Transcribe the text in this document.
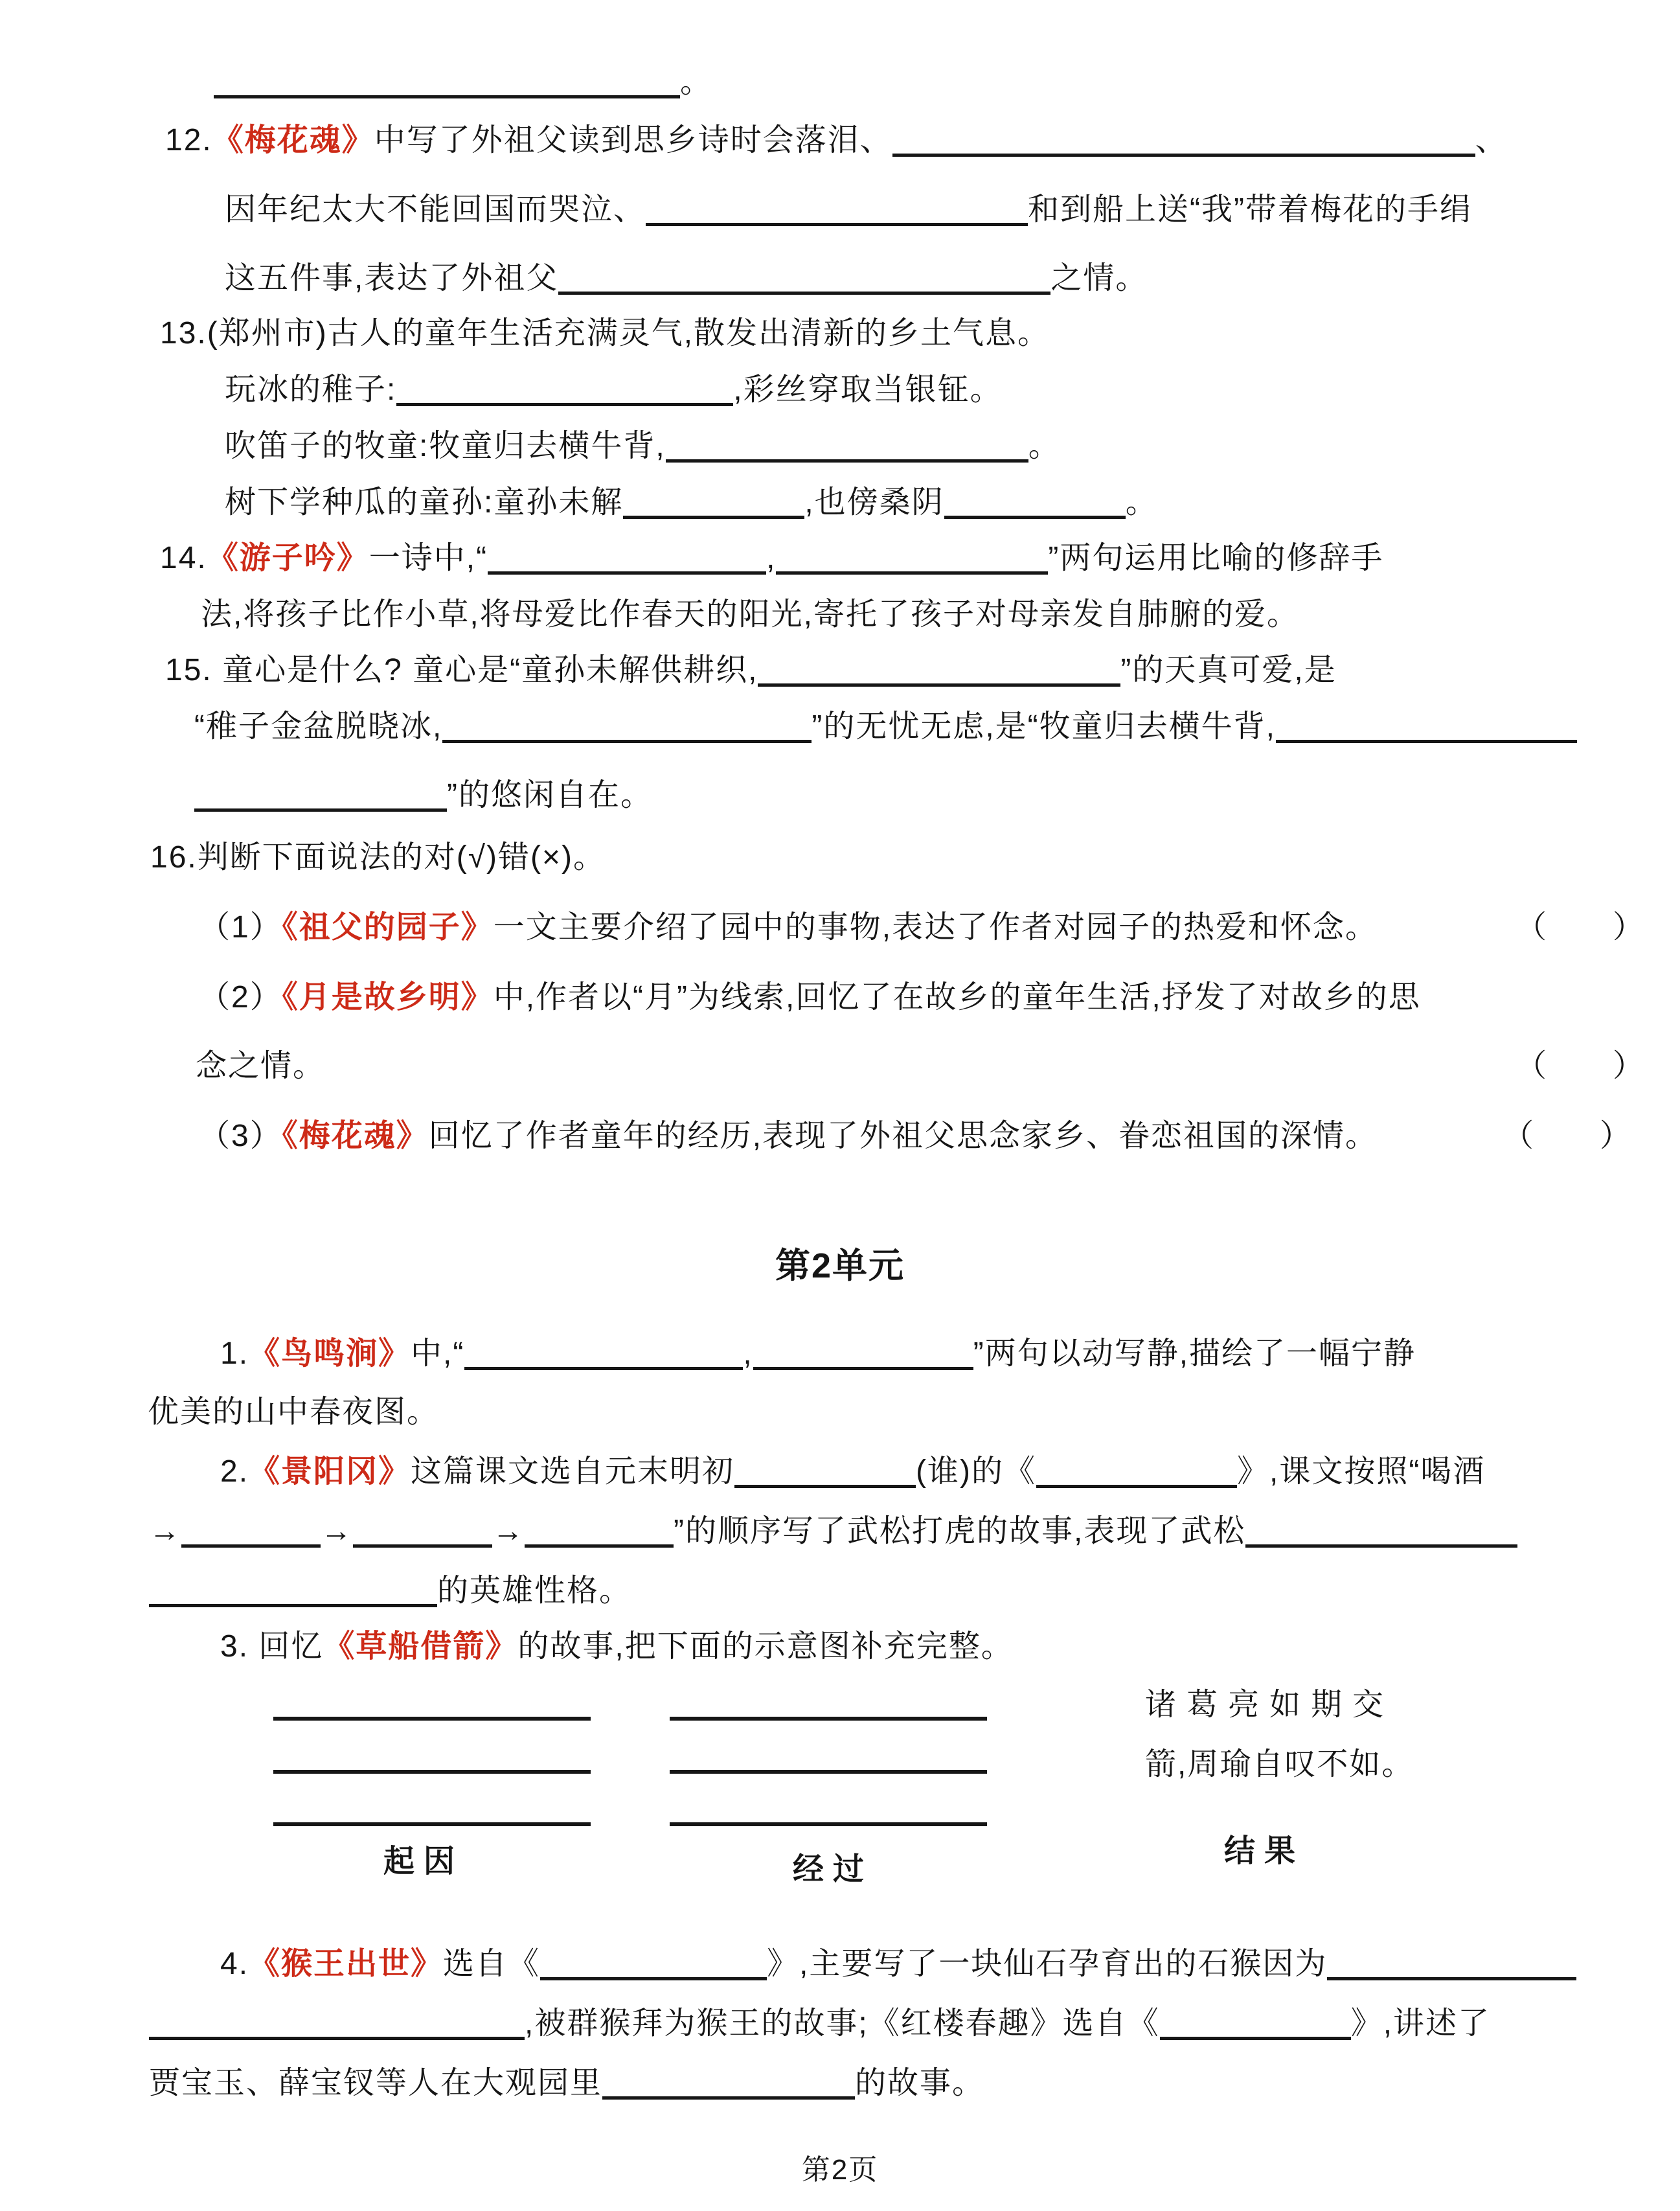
。
12.《梅花魂》中写了外祖父读到思乡诗时会落泪、	、
因年纪太大不能回国而哭泣、	和到船上送“我”带着梅花的手绢
这五件事,表达了外祖父	之情。
13.(郑州市)古人的童年生活充满灵气,散发出清新的乡土气息。
玩冰的稚子:	,彩丝穿取当银钲。
吹笛子的牧童:牧童归去横牛背,	。
树下学种瓜的童孙:童孙未解	,也傍桑阴	。
14.《游子吟》一诗中,“	,	”两句运用比喻的修辞手
法,将孩子比作小草,将母爱比作春天的阳光,寄托了孩子对母亲发自肺腑的爱。
15. 童心是什么? 童心是“童孙未解供耕织,	”的天真可爱,是
“稚子金盆脱晓冰,	”的无忧无虑,是“牧童归去横牛背,
”的悠闲自在。
16.判断下面说法的对(√)错(×)。
（1）《祖父的园子》一文主要介绍了园中的事物,表达了作者对园子的热爱和怀念。	（　　）
（2）《月是故乡明》中,作者以“月”为线索,回忆了在故乡的童年生活,抒发了对故乡的思
念之情。	（　　）
（3）《梅花魂》回忆了作者童年的经历,表现了外祖父思念家乡、眷恋祖国的深情。	（　　）
第2单元
1.《鸟鸣涧》中,“	,	”两句以动写静,描绘了一幅宁静
优美的山中春夜图。
2.《景阳冈》这篇课文选自元末明初	(谁)的《	》,课文按照“喝酒
→	→	→	”的顺序写了武松打虎的故事,表现了武松
的英雄性格。
3. 回忆《草船借箭》的故事,把下面的示意图补充完整。
诸葛亮如期交
箭,周瑜自叹不如。
起因	经过
结果
4.《猴王出世》选自《	》,主要写了一块仙石孕育出的石猴因为
,被群猴拜为猴王的故事;《红楼春趣》选自《	》,讲述了
贾宝玉、薛宝钗等人在大观园里	的故事。
第2页
